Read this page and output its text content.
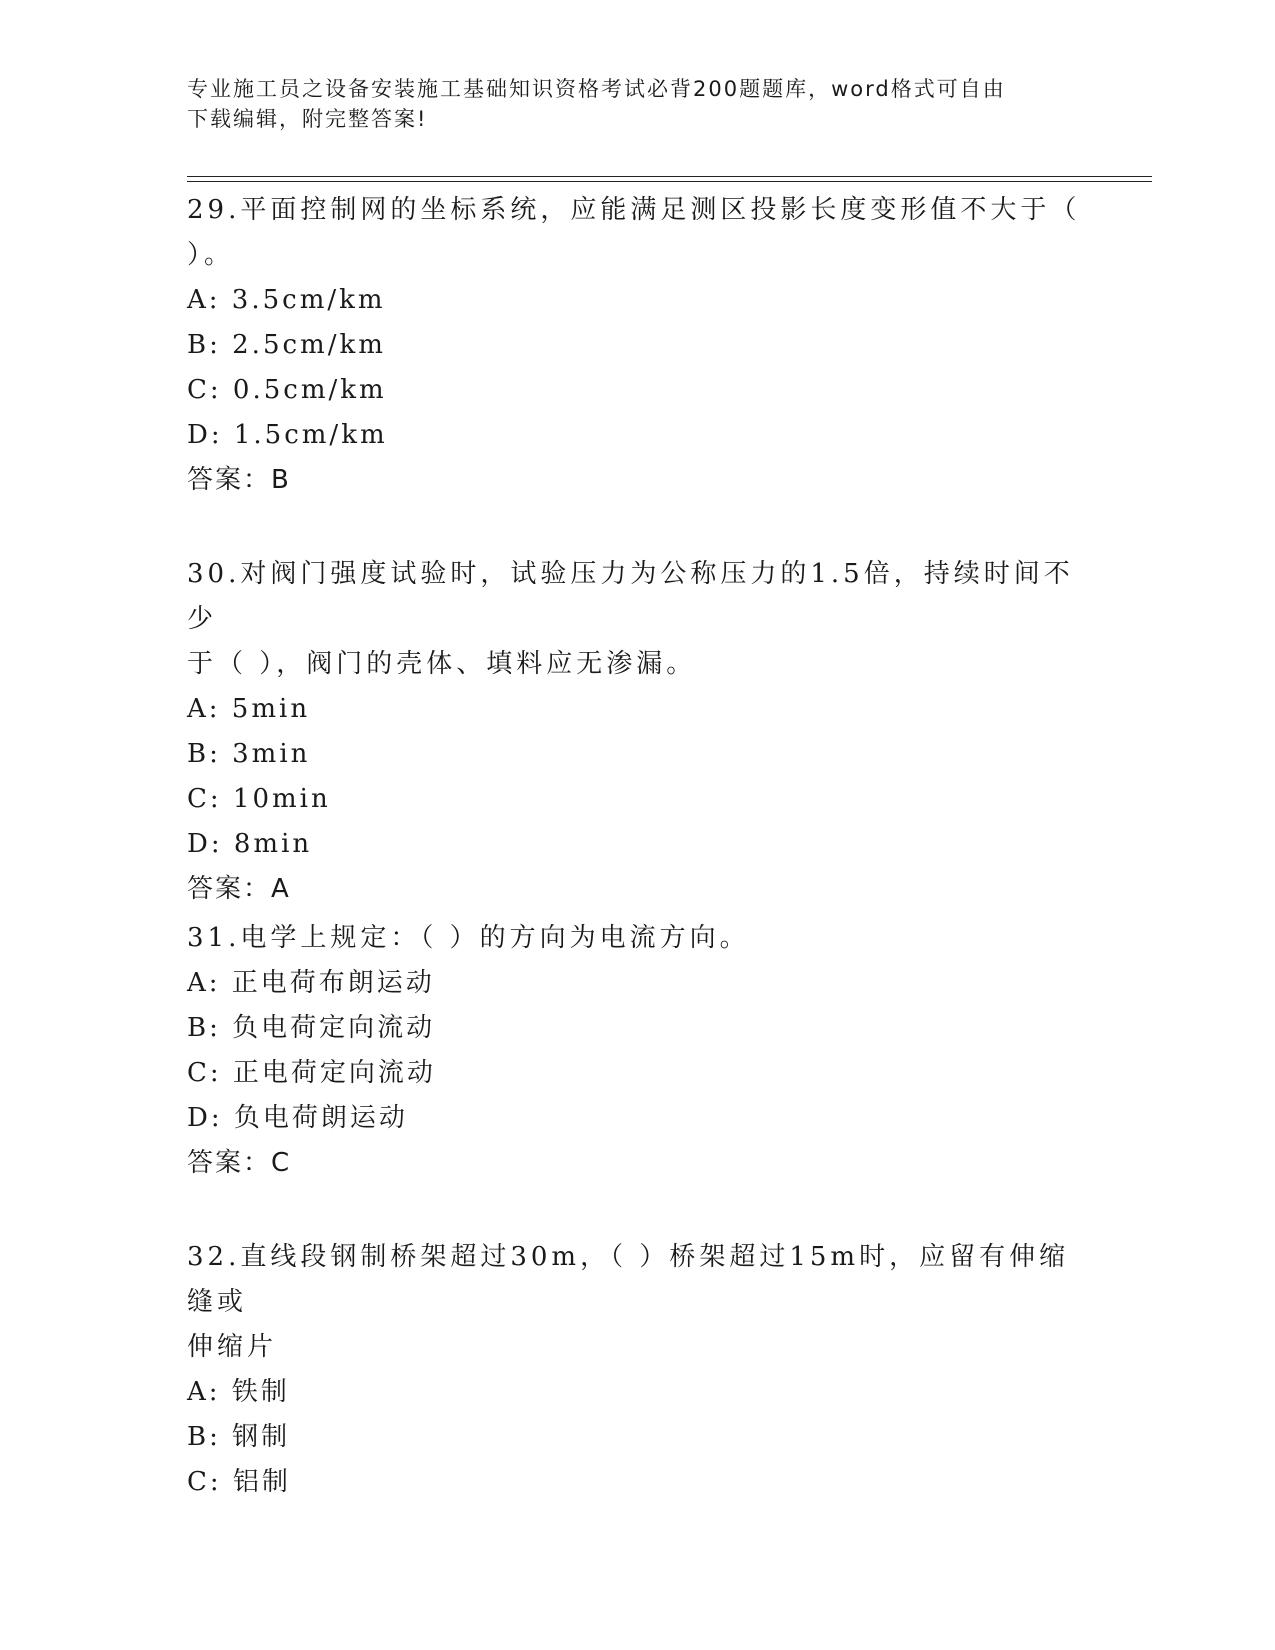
专业施工员之设备安装施工基础知识资格考试必背200题题库，word格式可自由
下载编辑，附完整答案!

29.平面控制网的坐标系统，应能满足测区投影长度变形值不大于（

）。

A: 3.5cm/km

B: 2.5cm/km

C: 0.5cm/km

D: 1.5cm/km

答案：B

30.对阀门强度试验时，试验压力为公称压力的1.5倍，持续时间不少

于（ ），阀门的壳体、填料应无渗漏。

A: 5min

B: 3min

C: 10min

D: 8min

答案：A

31.电学上规定：（ ）的方向为电流方向。

A: 正电荷布朗运动

B: 负电荷定向流动

C: 正电荷定向流动

D: 负电荷朗运动

答案：C

32.直线段钢制桥架超过30m，（ ）桥架超过15m时，应留有伸缩缝或

伸缩片

A: 铁制

B: 钢制

C: 铝制
